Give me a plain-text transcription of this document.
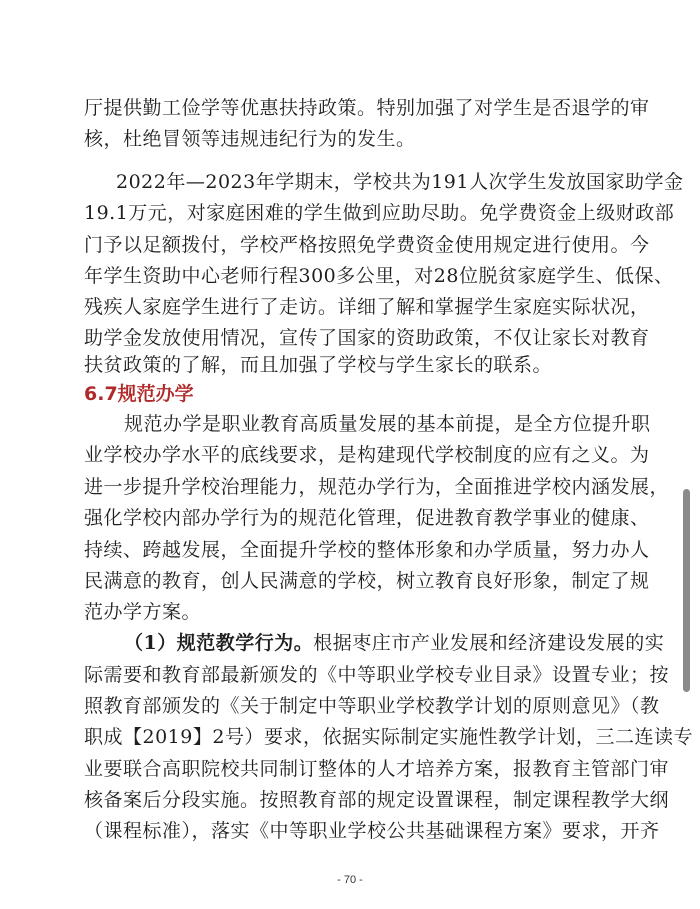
厅提供勤工俭学等优惠扶持政策。特别加强了对学生是否退学的审
核，杜绝冒领等违规违纪行为的发生。
2022年—2023年学期末，学校共为191人次学生发放国家助学金
19.1万元，对家庭困难的学生做到应助尽助。免学费资金上级财政部
门予以足额拨付，学校严格按照免学费资金使用规定进行使用。今
年学生资助中心老师行程300多公里，对28位脱贫家庭学生、低保、
残疾人家庭学生进行了走访。详细了解和掌握学生家庭实际状况，
助学金发放使用情况，宣传了国家的资助政策，不仅让家长对教育
扶贫政策的了解，而且加强了学校与学生家长的联系。
6.7规范办学
规范办学是职业教育高质量发展的基本前提，是全方位提升职
业学校办学水平的底线要求，是构建现代学校制度的应有之义。为
进一步提升学校治理能力，规范办学行为，全面推进学校内涵发展，
强化学校内部办学行为的规范化管理，促进教育教学事业的健康、
持续、跨越发展，全面提升学校的整体形象和办学质量，努力办人
民满意的教育，创人民满意的学校，树立教育良好形象，制定了规
范办学方案。
（1）规范教学行为。根据枣庄市产业发展和经济建设发展的实
际需要和教育部最新颁发的《中等职业学校专业目录》设置专业；按
照教育部颁发的《关于制定中等职业学校教学计划的原则意见》（教
职成【2019】2号）要求，依据实际制定实施性教学计划，三二连读专
业要联合高职院校共同制订整体的人才培养方案，报教育主管部门审
核备案后分段实施。按照教育部的规定设置课程，制定课程教学大纲
（课程标准），落实《中等职业学校公共基础课程方案》要求，开齐
- 70 -
